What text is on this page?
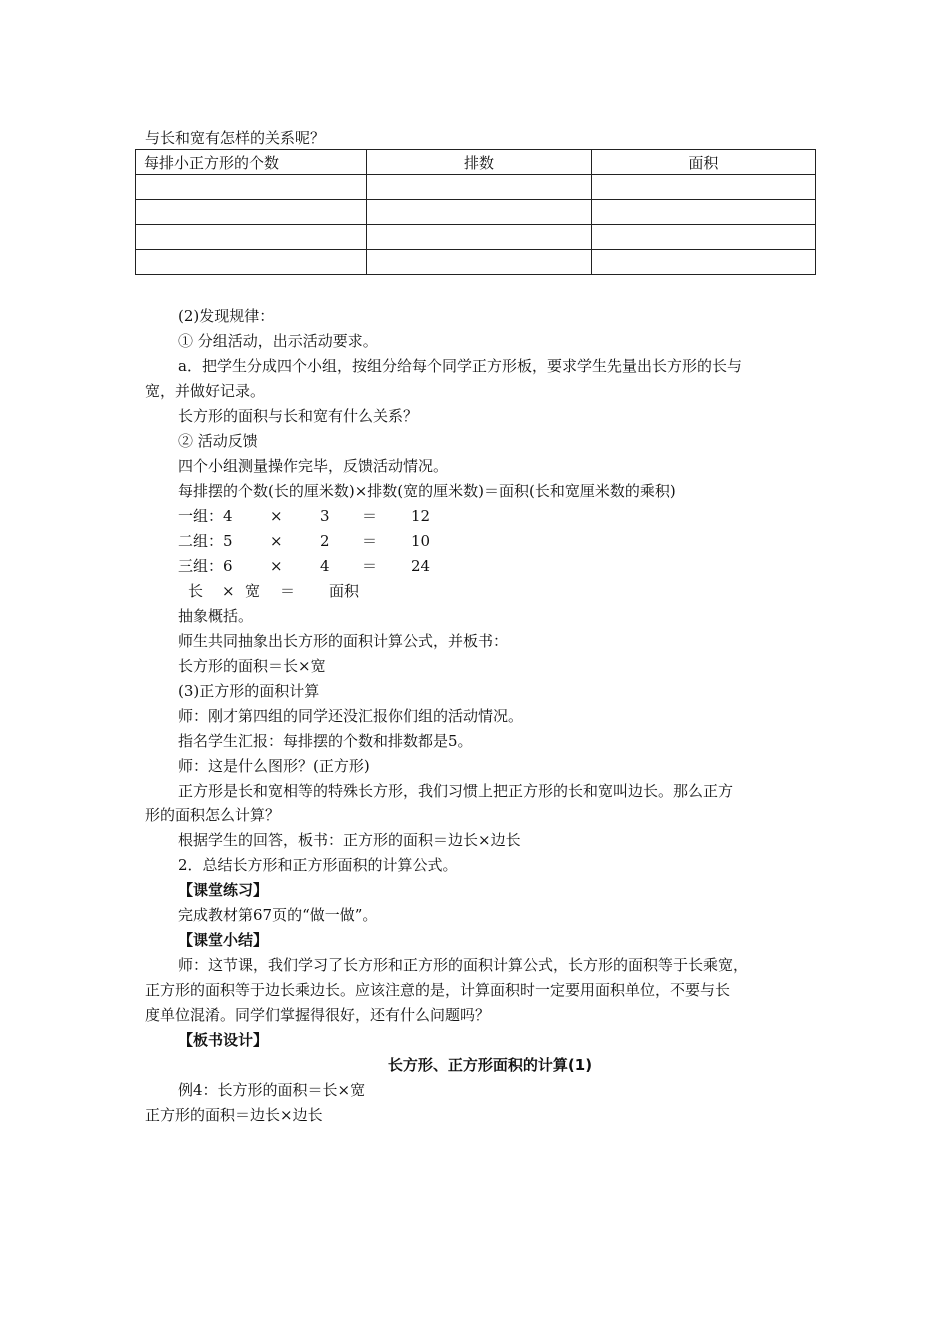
与长和宽有怎样的关系呢？
每排小正方形的个数	排数	面积

(2)发现规律：
① 分组活动，出示活动要求。
a．把学生分成四个小组，按组分给每个同学正方形板，要求学生先量出长方形的长与
宽，并做好记录。
长方形的面积与长和宽有什么关系？
② 活动反馈
四个小组测量操作完毕，反馈活动情况。
每排摆的个数(长的厘米数)×排数(宽的厘米数)＝面积(长和宽厘米数的乘积)
一组：4 × 3 ＝ 12
二组：5 × 2 ＝ 10
三组：6 × 4 ＝ 24
长 × 宽 ＝ 面积
抽象概括。
师生共同抽象出长方形的面积计算公式，并板书：
长方形的面积＝长×宽
(3)正方形的面积计算
师：刚才第四组的同学还没汇报你们组的活动情况。
指名学生汇报：每排摆的个数和排数都是5。
师：这是什么图形？(正方形)
正方形是长和宽相等的特殊长方形，我们习惯上把正方形的长和宽叫边长。那么正方
形的面积怎么计算？
根据学生的回答，板书：正方形的面积＝边长×边长
2．总结长方形和正方形面积的计算公式。
【课堂练习】
完成教材第67页的“做一做”。
【课堂小结】
师：这节课，我们学习了长方形和正方形的面积计算公式，长方形的面积等于长乘宽，
正方形的面积等于边长乘边长。应该注意的是，计算面积时一定要用面积单位，不要与长
度单位混淆。同学们掌握得很好，还有什么问题吗？
【板书设计】
长方形、正方形面积的计算(1)
例4：长方形的面积＝长×宽
正方形的面积＝边长×边长
